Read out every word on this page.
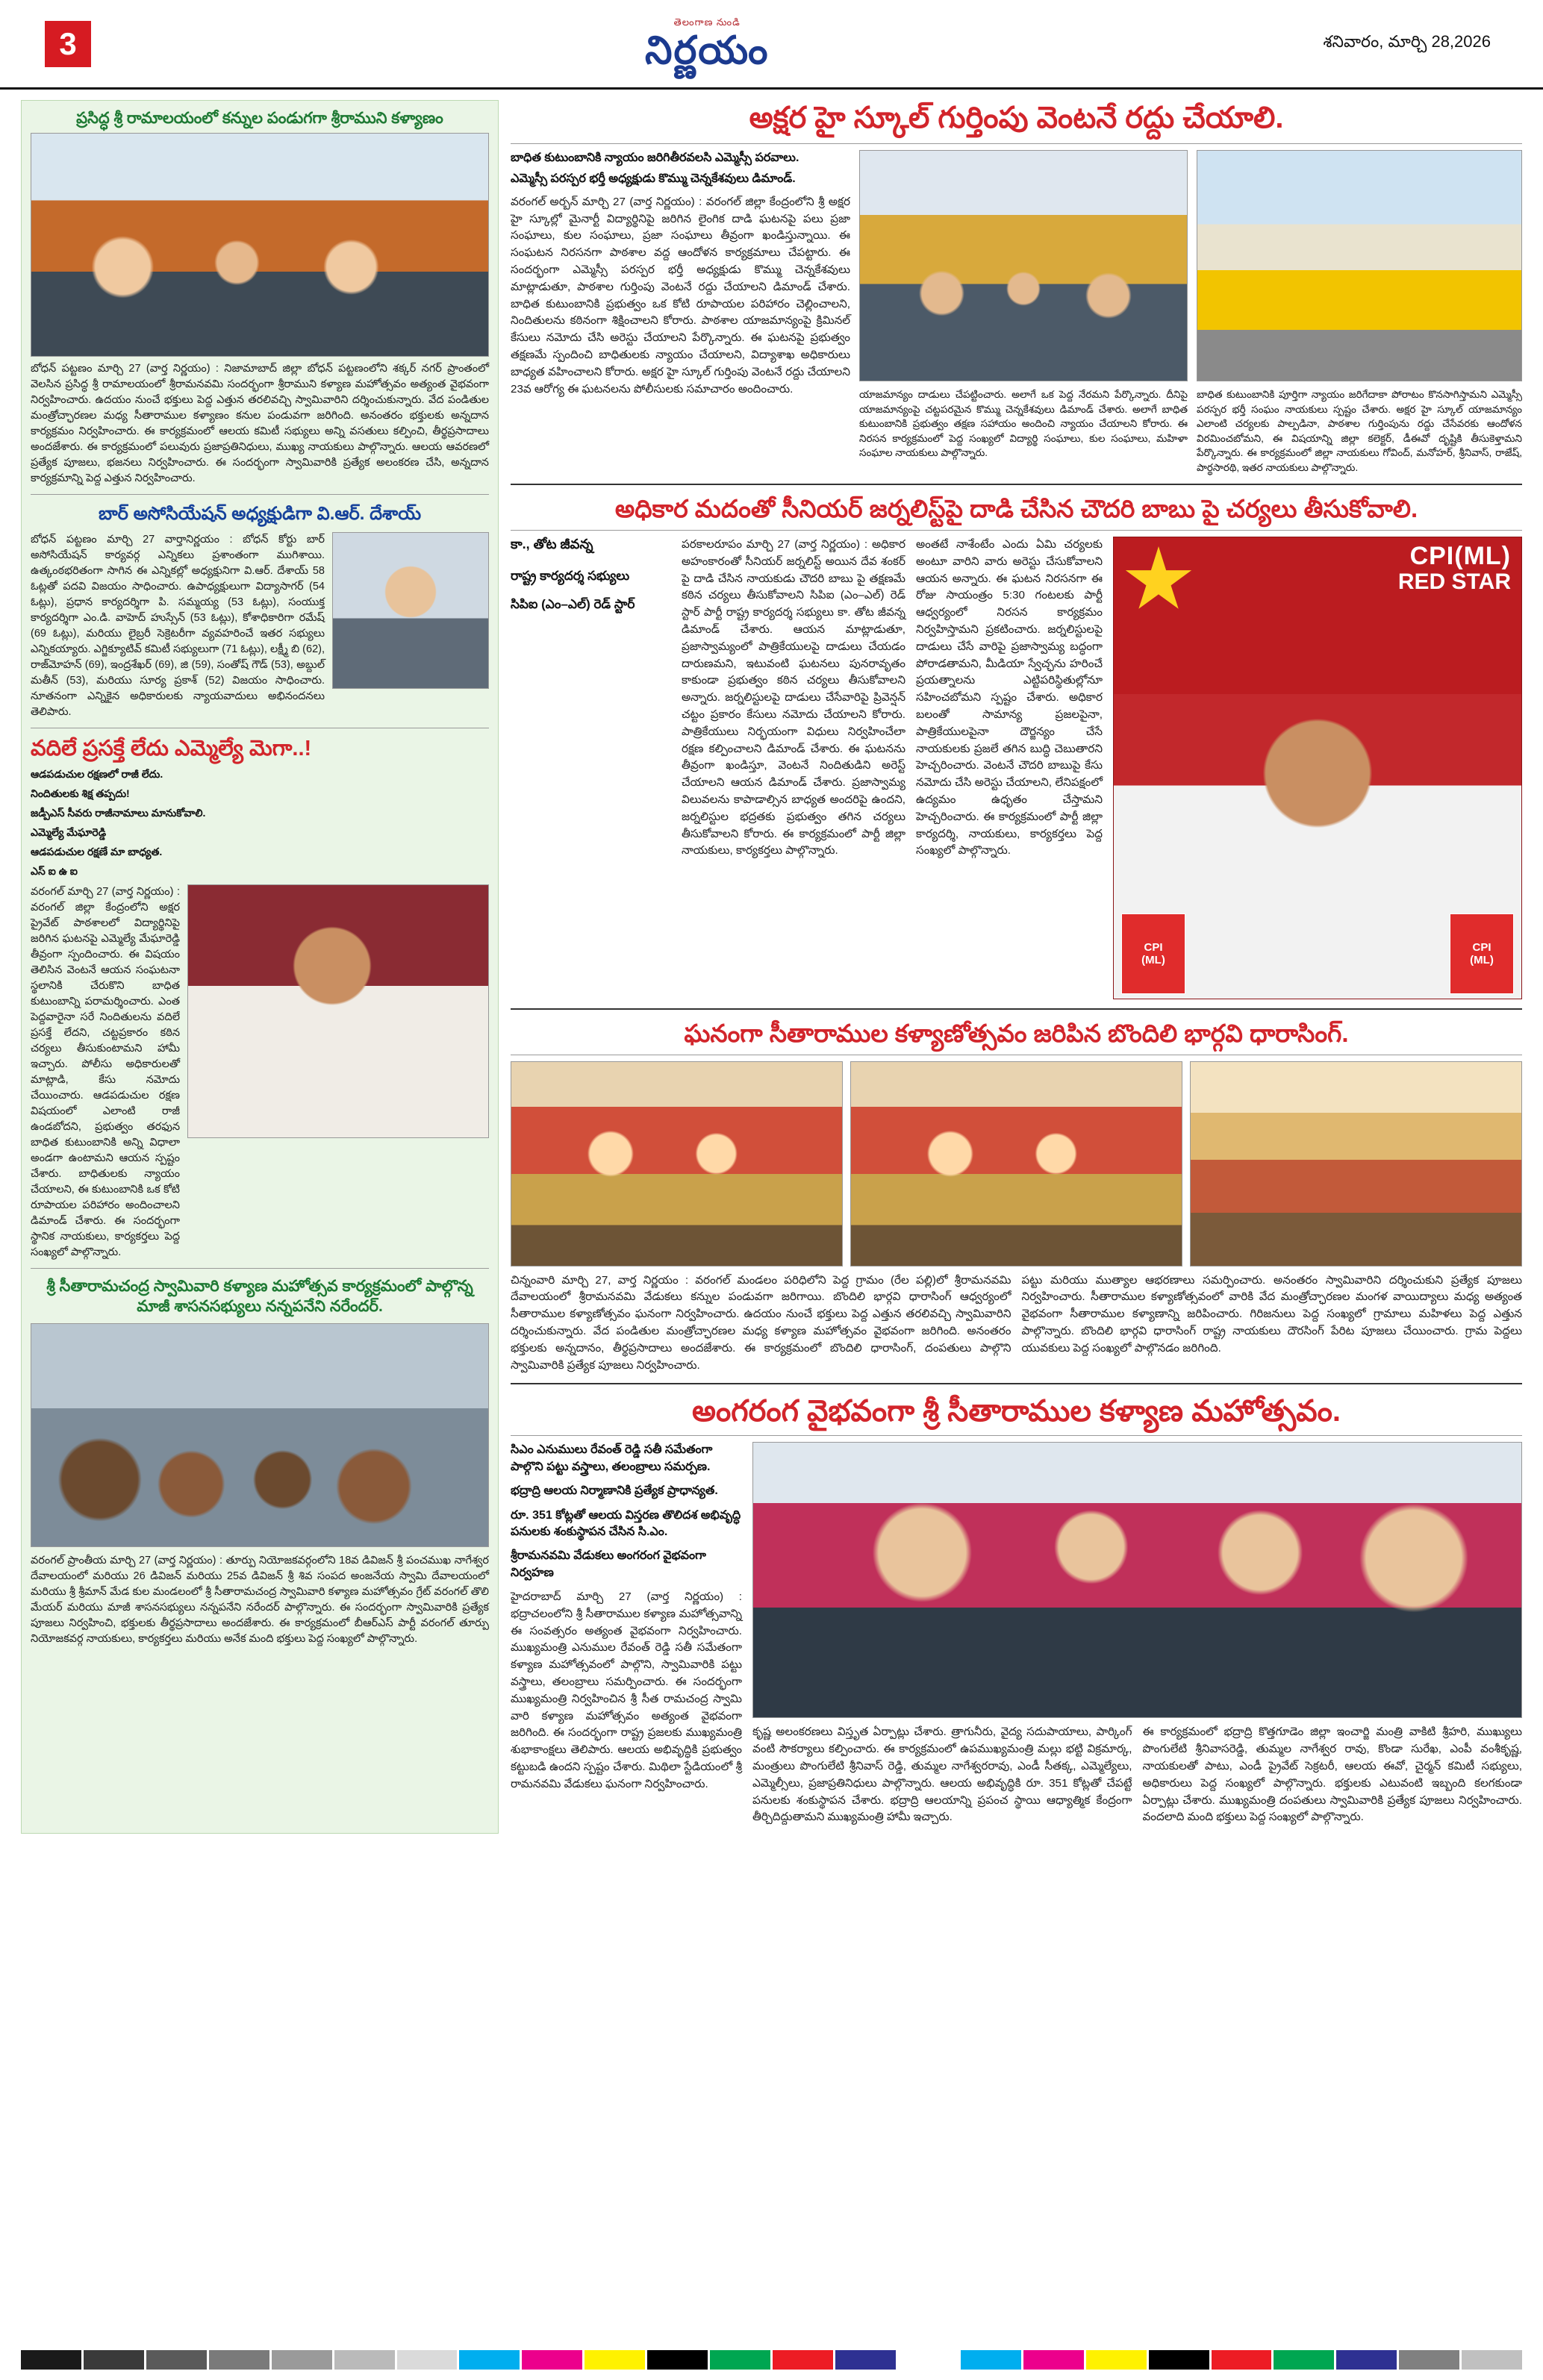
3
తెలంగాణ నుండి
నిర్ణయం	శనివారం, మార్చి 28,2026
ప్రసిద్ధ శ్రీ రామాలయంలో కన్నుల పండుగగా శ్రీరాముని కళ్యాణం
బోధన్ పట్టణం మార్చి 27 (వార్త నిర్ణయం) : నిజామాబాద్ జిల్లా బోధన్ పట్టణంలోని శక్కర్ నగర్ ప్రాంతంలో వెలసిన ప్రసిద్ధ శ్రీ రామాలయంలో శ్రీరామనవమి సందర్భంగా శ్రీరాముని కళ్యాణ మహోత్సవం అత్యంత వైభవంగా నిర్వహించారు. ఉదయం నుంచే భక్తులు పెద్ద ఎత్తున తరలివచ్చి స్వామివారిని దర్శించుకున్నారు. వేద పండితుల మంత్రోచ్ఛారణల మధ్య సీతారాముల కళ్యాణం కనుల పండువగా జరిగింది. అనంతరం భక్తులకు అన్నదాన కార్యక్రమం నిర్వహించారు. ఈ కార్యక్రమంలో ఆలయ కమిటీ సభ్యులు అన్ని వసతులు కల్పించి, తీర్థప్రసాదాలు అందజేశారు. ఈ కార్యక్రమంలో పలువురు ప్రజాప్రతినిధులు, ముఖ్య నాయకులు పాల్గొన్నారు. ఆలయ ఆవరణలో ప్రత్యేక పూజలు, భజనలు నిర్వహించారు. ఈ సందర్భంగా స్వామివారికి ప్రత్యేక అలంకరణ చేసి, అన్నదాన కార్యక్రమాన్ని పెద్ద ఎత్తున నిర్వహించారు.
బార్ అసోసియేషన్ అధ్యక్షుడిగా వి.ఆర్. దేశాయ్
బోధన్ పట్టణం మార్చి 27 వార్తానిర్ణయం : బోధన్ కోర్టు బార్ అసోసియేషన్ కార్యవర్గ ఎన్నికలు ప్రశాంతంగా ముగిశాయి. ఉత్కంఠభరితంగా సాగిన ఈ ఎన్నికల్లో అధ్యక్షునిగా వి.ఆర్. దేశాయ్ 58 ఓట్లతో పదవి విజయం సాధించారు. ఉపాధ్యక్షులుగా విద్యాసాగర్ (54 ఓట్లు), ప్రధాన కార్యదర్శిగా పి. సమ్మయ్య (53 ఓట్లు), సంయుక్త కార్యదర్శిగా ఎం.డి. వాహెద్ హుస్సేన్ (53 ఓట్లు), కోశాధికారిగా రమేష్ (69 ఓట్లు), మరియు లైబ్రరీ సెక్రెటరీగా వ్యవహరించే ఇతర సభ్యులు ఎన్నికయ్యారు. ఎగ్జిక్యూటివ్ కమిటీ సభ్యులుగా (71 ఓట్లు), లక్ష్మీ బి (62), రాజ్‌మోహన్ (69), ఇంద్రశేఖర్ (69), జి (59), సంతోష్ గౌడ్ (53), అబ్దుల్ మతీన్ (53), మరియు సూర్య ప్రకాశ్ (52) విజయం సాధించారు. నూతనంగా ఎన్నికైన అధికారులకు న్యాయవాదులు అభినందనలు తెలిపారు.
వదిలే ప్రసక్తే లేదు ఎమ్మెల్యే మెగా..!
ఆడపడుచుల రక్షణలో రాజీ లేదు.
నిందితులకు శిక్ష తప్పదు!
జడ్పీఎస్ సీవరు రాజీనామాలు మానుకోవాలి.
ఎమ్మెల్యే మేఘారెడ్డి
ఆడపడుచుల రక్షణే మా బాధ్యత.
ఎస్ ఐ ఉ ఐ
వరంగల్ మార్చి 27 (వార్త నిర్ణయం) : వరంగల్ జిల్లా కేంద్రంలోని అక్షర ప్రైవేట్ పాఠశాలలో విద్యార్థినిపై జరిగిన ఘటనపై ఎమ్మెల్యే మేఘారెడ్డి తీవ్రంగా స్పందించారు. ఈ విషయం తెలిసిన వెంటనే ఆయన సంఘటనా స్థలానికి చేరుకొని బాధిత కుటుంబాన్ని పరామర్శించారు. ఎంత పెద్దవారైనా సరే నిందితులను వదిలే ప్రసక్తే లేదని, చట్టప్రకారం కఠిన చర్యలు తీసుకుంటామని హామీ ఇచ్చారు. పోలీసు అధికారులతో మాట్లాడి, కేసు నమోదు చేయించారు. ఆడపడుచుల రక్షణ విషయంలో ఎలాంటి రాజీ ఉండబోదని, ప్రభుత్వం తరఫున బాధిత కుటుంబానికి అన్ని విధాలా అండగా ఉంటామని ఆయన స్పష్టం చేశారు. బాధితులకు న్యాయం చేయాలని, ఈ కుటుంబానికి ఒక కోటి రూపాయల పరిహారం అందించాలని డిమాండ్ చేశారు. ఈ సందర్భంగా స్థానిక నాయకులు, కార్యకర్తలు పెద్ద సంఖ్యలో పాల్గొన్నారు.
శ్రీ సీతారామచంద్ర స్వామివారి కళ్యాణ మహోత్సవ కార్యక్రమంలో పాల్గొన్న మాజీ శాసనసభ్యులు నన్నపనేని నరేందర్.
వరంగల్ ప్రాంతీయ మార్చి 27 (వార్త నిర్ణయం) : తూర్పు నియోజకవర్గంలోని 18వ డివిజన్ శ్రీ పంచముఖ నాగేశ్వర దేవాలయంలో మరియు 26 డివిజన్ మరియు 25వ డివిజన్ శ్రీ శివ సంపద అంజనేయ స్వామి దేవాలయంలో మరియు శ్రీ శ్రీమాన్ మేడ కుల మండలంలో శ్రీ సీతారామచంద్ర స్వామివారి కళ్యాణ మహోత్సవం గ్రేట్ వరంగల్ తొలి మేయర్ మరియు మాజీ శాసనసభ్యులు నన్నపనేని నరేందర్ పాల్గొన్నారు. ఈ సందర్భంగా స్వామివారికి ప్రత్యేక పూజలు నిర్వహించి, భక్తులకు తీర్థప్రసాదాలు అందజేశారు. ఈ కార్యక్రమంలో బీఆర్ఎస్ పార్టీ వరంగల్ తూర్పు నియోజకవర్గ నాయకులు, కార్యకర్తలు మరియు అనేక మంది భక్తులు పెద్ద సంఖ్యలో పాల్గొన్నారు.
అక్షర హై స్కూల్ గుర్తింపు వెంటనే రద్దు చేయాలి.
బాధిత కుటుంబానికి న్యాయం జరిగితీరవలసి ఎమ్మెస్సీ పరవాలు.
ఎమ్మెస్సీ పరస్పర భర్తీ అధ్యక్షుడు కొమ్ము చెన్నకేశవులు డిమాండ్.
వరంగల్ అర్బన్ మార్చి 27 (వార్త నిర్ణయం) : వరంగల్ జిల్లా కేంద్రంలోని శ్రీ అక్షర హై స్కూల్లో మైనార్టీ విద్యార్థినిపై జరిగిన లైంగిక దాడి ఘటనపై పలు ప్రజా సంఘాలు, కుల సంఘాలు, ప్రజా సంఘాలు తీవ్రంగా ఖండిస్తున్నాయి. ఈ సంఘటన నిరసనగా పాఠశాల వద్ద ఆందోళన కార్యక్రమాలు చేపట్టారు. ఈ సందర్భంగా ఎమ్మెస్సీ పరస్పర భర్తీ అధ్యక్షుడు కొమ్ము చెన్నకేశవులు మాట్లాడుతూ, పాఠశాల గుర్తింపు వెంటనే రద్దు చేయాలని డిమాండ్ చేశారు. బాధిత కుటుంబానికి ప్రభుత్వం ఒక కోటి రూపాయల పరిహారం చెల్లించాలని, నిందితులను కఠినంగా శిక్షించాలని కోరారు. పాఠశాల యాజమాన్యంపై క్రిమినల్ కేసులు నమోదు చేసి అరెస్టు చేయాలని పేర్కొన్నారు. ఈ ఘటనపై ప్రభుత్వం తక్షణమే స్పందించి బాధితులకు న్యాయం చేయాలని, విద్యాశాఖ అధికారులు బాధ్యత వహించాలని కోరారు. అక్షర హై స్కూల్ గుర్తింపు వెంటనే రద్దు చేయాలని 23వ ఆరోగ్య ఈ ఘటనలను పోలీసులకు సమాచారం అందించారు.	యాజమాన్యం దాడులు చేపట్టించారు. అలాగే ఒక పెద్ద నేరమని పేర్కొన్నారు. దీనిపై యాజమాన్యంపై చట్టపరమైన కొమ్ము చెన్నకేశవులు డిమాండ్ చేశారు. అలాగే బాధిత కుటుంబానికి ప్రభుత్వం తక్షణ సహాయం అందించి న్యాయం చేయాలని కోరారు. ఈ నిరసన కార్యక్రమంలో పెద్ద సంఖ్యలో విద్యార్థి సంఘాలు, కుల సంఘాలు, మహిళా సంఘాల నాయకులు పాల్గొన్నారు.
బాధిత కుటుంబానికి పూర్తిగా న్యాయం జరిగేదాకా పోరాటం కొనసాగిస్తామని ఎమ్మెస్సీ పరస్పర భర్తీ సంఘం నాయకులు స్పష్టం చేశారు. అక్షర హై స్కూల్ యాజమాన్యం ఎలాంటి చర్యలకు పాల్పడినా, పాఠశాల గుర్తింపును రద్దు చేసేవరకు ఆందోళన విరమించబోమని, ఈ విషయాన్ని జిల్లా కలెక్టర్, డీఈవో దృష్టికి తీసుకెళ్తామని పేర్కొన్నారు. ఈ కార్యక్రమంలో జిల్లా నాయకులు గోవింద్, మనోహర్, శ్రీనివాస్, రాజేష్, పార్థసారథి, ఇతర నాయకులు పాల్గొన్నారు.
అధికార మదంతో సీనియర్ జర్నలిస్ట్‌పై దాడి చేసిన చౌదరి బాబు పై చర్యలు తీసుకోవాలి.
కా., తోట జీవన్న
రాష్ట్ర కార్యదర్శ సభ్యులు
సిపిఐ (ఎం–ఎల్) రెడ్ స్టార్
పరకాలరూపం మార్చి 27 (వార్త నిర్ణయం) : అధికార అహంకారంతో సీనియర్ జర్నలిస్ట్ అయిన దేవ శంకర్ పై దాడి చేసిన నాయకుడు చౌదరి బాబు పై తక్షణమే కఠిన చర్యలు తీసుకోవాలని సిపిఐ (ఎం–ఎల్) రెడ్ స్టార్ పార్టీ రాష్ట్ర కార్యదర్శ సభ్యులు కా. తోట జీవన్న డిమాండ్ చేశారు. ఆయన మాట్లాడుతూ, ప్రజాస్వామ్యంలో పాత్రికేయులపై దాడులు చేయడం దారుణమని, ఇటువంటి ఘటనలు పునరావృతం కాకుండా ప్రభుత్వం కఠిన చర్యలు తీసుకోవాలని అన్నారు. జర్నలిస్టులపై దాడులు చేసేవారిపై ప్రివెన్షన్ చట్టం ప్రకారం కేసులు నమోదు చేయాలని కోరారు. పాత్రికేయులు నిర్భయంగా విధులు నిర్వహించేలా రక్షణ కల్పించాలని డిమాండ్ చేశారు. ఈ ఘటనను తీవ్రంగా ఖండిస్తూ, వెంటనే నిందితుడిని అరెస్ట్ చేయాలని ఆయన డిమాండ్ చేశారు. ప్రజాస్వామ్య విలువలను కాపాడాల్సిన బాధ్యత అందరిపై ఉందని, జర్నలిస్టుల భద్రతకు ప్రభుత్వం తగిన చర్యలు తీసుకోవాలని కోరారు. ఈ కార్యక్రమంలో పార్టీ జిల్లా నాయకులు, కార్యకర్తలు పాల్గొన్నారు.
అంతటే నాశేంటేం ఎందు ఏమి చర్యలకు అంటూ వారిని వారు అరెస్టు చేసుకోవాలని ఆయన అన్నారు. ఈ ఘటన నిరసనగా ఈ రోజు సాయంత్రం 5:30 గంటలకు పార్టీ ఆధ్వర్యంలో నిరసన కార్యక్రమం నిర్వహిస్తామని ప్రకటించారు. జర్నలిస్టులపై దాడులు చేసే వారిపై ప్రజాస్వామ్య బద్ధంగా పోరాడతామని, మీడియా స్వేచ్ఛను హరించే ప్రయత్నాలను ఎట్టిపరిస్థితుల్లోనూ సహించబోమని స్పష్టం చేశారు. అధికార బలంతో సామాన్య ప్రజలపైనా, పాత్రికేయులపైనా దౌర్జన్యం చేసే నాయకులకు ప్రజలే తగిన బుద్ధి చెబుతారని హెచ్చరించారు. వెంటనే చౌదరి బాబుపై కేసు నమోదు చేసి అరెస్టు చేయాలని, లేనిపక్షంలో ఉద్యమం ఉధృతం చేస్తామని హెచ్చరించారు. ఈ కార్యక్రమంలో పార్టీ జిల్లా కార్యదర్శి, నాయకులు, కార్యకర్తలు పెద్ద సంఖ్యలో పాల్గొన్నారు.
CPI(ML)
RED STAR
CPI (ML)
CPI (ML)
ఘనంగా సీతారాముల కళ్యాణోత్సవం జరిపిన బొందిలి భార్గవి ధారాసింగ్.
చిన్నంవారి మార్చి 27, వార్త నిర్ణయం : వరంగల్ మండలం పరిధిలోని పెద్ద గ్రామం (రేల పల్లి)లో శ్రీరామనవమి దేవాలయంలో శ్రీరామనవమి వేడుకలు కన్నుల పండువగా జరిగాయి. బొందిలి భార్గవి ధారాసింగ్ ఆధ్వర్యంలో సీతారాముల కళ్యాణోత్సవం ఘనంగా నిర్వహించారు. ఉదయం నుంచే భక్తులు పెద్ద ఎత్తున తరలివచ్చి స్వామివారిని దర్శించుకున్నారు. వేద పండితుల మంత్రోచ్ఛారణల మధ్య కళ్యాణ మహోత్సవం వైభవంగా జరిగింది. అనంతరం భక్తులకు అన్నదానం, తీర్థప్రసాదాలు అందజేశారు. ఈ కార్యక్రమంలో బొందిలి ధారాసింగ్, దంపతులు పాల్గొని స్వామివారికి ప్రత్యేక పూజలు నిర్వహించారు.
పట్టు మరియు ముత్యాల ఆభరణాలు సమర్పించారు. అనంతరం స్వామివారిని దర్శించుకుని ప్రత్యేక పూజలు నిర్వహించారు. సీతారాముల కళ్యాణోత్సవంలో వారికి వేద మంత్రోచ్ఛారణల మంగళ వాయిద్యాలు మధ్య అత్యంత వైభవంగా సీతారాముల కళ్యాణాన్ని జరిపించారు. గిరిజనులు పెద్ద సంఖ్యలో గ్రామాలు మహిళలు పెద్ద ఎత్తున పాల్గొన్నారు. బొందిలి భార్గవి ధారాసింగ్ రాష్ట్ర నాయకులు దౌరసింగ్ పేరిట పూజలు చేయించారు. గ్రామ పెద్దలు యువకులు పెద్ద సంఖ్యలో పాల్గొనడం జరిగింది.
అంగరంగ వైభవంగా శ్రీ సీతారాముల కళ్యాణ మహోత్సవం.
సిఎం ఎనుములు రేవంత్ రెడ్డి సతీ సమేతంగా పాల్గొని పట్టు వస్త్రాలు, తలంబ్రాలు సమర్పణ.
భద్రాద్రి ఆలయ నిర్మాణానికి ప్రత్యేక ప్రాధాన్యత.
రూ. 351 కోట్లతో ఆలయ విస్తరణ తొలిదశ అభివృద్ధి పనులకు శంకుస్థాపన చేసిన సి.ఎం.
శ్రీరామనవమి వేడుకలు అంగరంగ వైభవంగా నిర్వహణ
హైదరాబాద్ మార్చి 27 (వార్త నిర్ణయం) : భద్రాచలంలోని శ్రీ సీతారాముల కళ్యాణ మహోత్సవాన్ని ఈ సంవత్సరం అత్యంత వైభవంగా నిర్వహించారు. ముఖ్యమంత్రి ఎనుముల రేవంత్ రెడ్డి సతీ సమేతంగా కళ్యాణ మహోత్సవంలో పాల్గొని, స్వామివారికి పట్టు వస్త్రాలు, తలంబ్రాలు సమర్పించారు. ఈ సందర్భంగా ముఖ్యమంత్రి నిర్వహించిన శ్రీ సీత రామచంద్ర స్వామి వారి కళ్యాణ మహోత్సవం అత్యంత వైభవంగా జరిగింది. ఈ సందర్భంగా రాష్ట్ర ప్రజలకు ముఖ్యమంత్రి శుభాకాంక్షలు తెలిపారు. ఆలయ అభివృద్ధికి ప్రభుత్వం కట్టుబడి ఉందని స్పష్టం చేశారు. మిథిలా స్టేడియంలో శ్రీ రామనవమి వేడుకలు ఘనంగా నిర్వహించారు.
కృష్ణ అలంకరణలు విస్తృత ఏర్పాట్లు చేశారు. త్రాగునీరు, వైద్య సదుపాయాలు, పార్కింగ్ వంటి సౌకర్యాలు కల్పించారు. ఈ కార్యక్రమంలో ఉపముఖ్యమంత్రి మల్లు భట్టి విక్రమార్క, మంత్రులు పొంగులేటి శ్రీనివాస్ రెడ్డి, తుమ్మల నాగేశ్వరరావు, ఎండీ సీతక్క, ఎమ్మెల్యేలు, ఎమ్మెల్సీలు, ప్రజాప్రతినిధులు పాల్గొన్నారు. ఆలయ అభివృద్ధికి రూ. 351 కోట్లతో చేపట్టే పనులకు శంకుస్థాపన చేశారు. భద్రాద్రి ఆలయాన్ని ప్రపంచ స్థాయి ఆధ్యాత్మిక కేంద్రంగా తీర్చిదిద్దుతామని ముఖ్యమంత్రి హామీ ఇచ్చారు.
ఈ కార్యక్రమంలో భద్రాద్రి కొత్తగూడెం జిల్లా ఇంచార్జి మంత్రి వాకిటి శ్రీహరి, ముఖ్యులు పొంగులేటి శ్రీనివాసరెడ్డి, తుమ్మల నాగేశ్వర రావు, కొండా సురేఖ, ఎంపీ వంశీకృష్ణ, నాయకులతో పాటు, ఎండీ ప్రైవేట్ సెక్రటరీ, ఆలయ ఈవో, చైర్మన్ కమిటీ సభ్యులు, అధికారులు పెద్ద సంఖ్యలో పాల్గొన్నారు. భక్తులకు ఎటువంటి ఇబ్బంది కలగకుండా ఏర్పాట్లు చేశారు. ముఖ్యమంత్రి దంపతులు స్వామివారికి ప్రత్యేక పూజలు నిర్వహించారు. వందలాది మంది భక్తులు పెద్ద సంఖ్యలో పాల్గొన్నారు.
